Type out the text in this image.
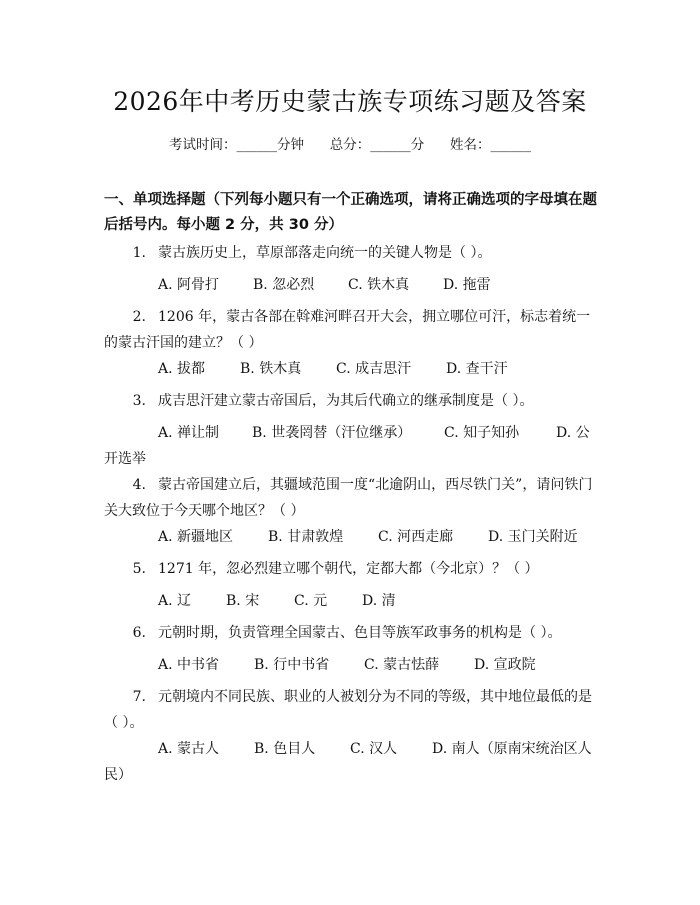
2026年中考历史蒙古族专项练习题及答案
考试时间：______分钟 总分：______分 姓名：______
一、单项选择题（下列每小题只有一个正确选项，请将正确选项的字母填在题后括号内。每小题 2 分，共 30 分）
1. 蒙古族历史上，草原部落走向统一的关键人物是（ ）。
A. 阿骨打 B. 忽必烈 C. 铁木真 D. 拖雷
2. 1206 年，蒙古各部在斡难河畔召开大会，拥立哪位可汗，标志着统一的蒙古汗国的建立？（ ）
A. 拔都 B. 铁木真 C. 成吉思汗 D. 查干汗
3. 成吉思汗建立蒙古帝国后，为其后代确立的继承制度是（ ）。
A. 禅让制 B. 世袭罔替（汗位继承） C. 知子知孙	D. 公开选举
4. 蒙古帝国建立后，其疆域范围一度“北逾阴山，西尽铁门关”，请问铁门关大致位于今天哪个地区？（ ）
A. 新疆地区 B. 甘肃敦煌 C. 河西走廊 D. 玉门关附近
5. 1271 年，忽必烈建立哪个朝代，定都大都（今北京）？（ ）
A. 辽 B. 宋 C. 元 D. 清
6. 元朝时期，负责管理全国蒙古、色目等族军政事务的机构是（ ）。
A. 中书省 B. 行中书省 C. 蒙古怯薛 D. 宣政院
7. 元朝境内不同民族、职业的人被划分为不同的等级，其中地位最低的是（ ）。
A. 蒙古人 B. 色目人 C. 汉人 D. 南人（原南宋统治区人民）
